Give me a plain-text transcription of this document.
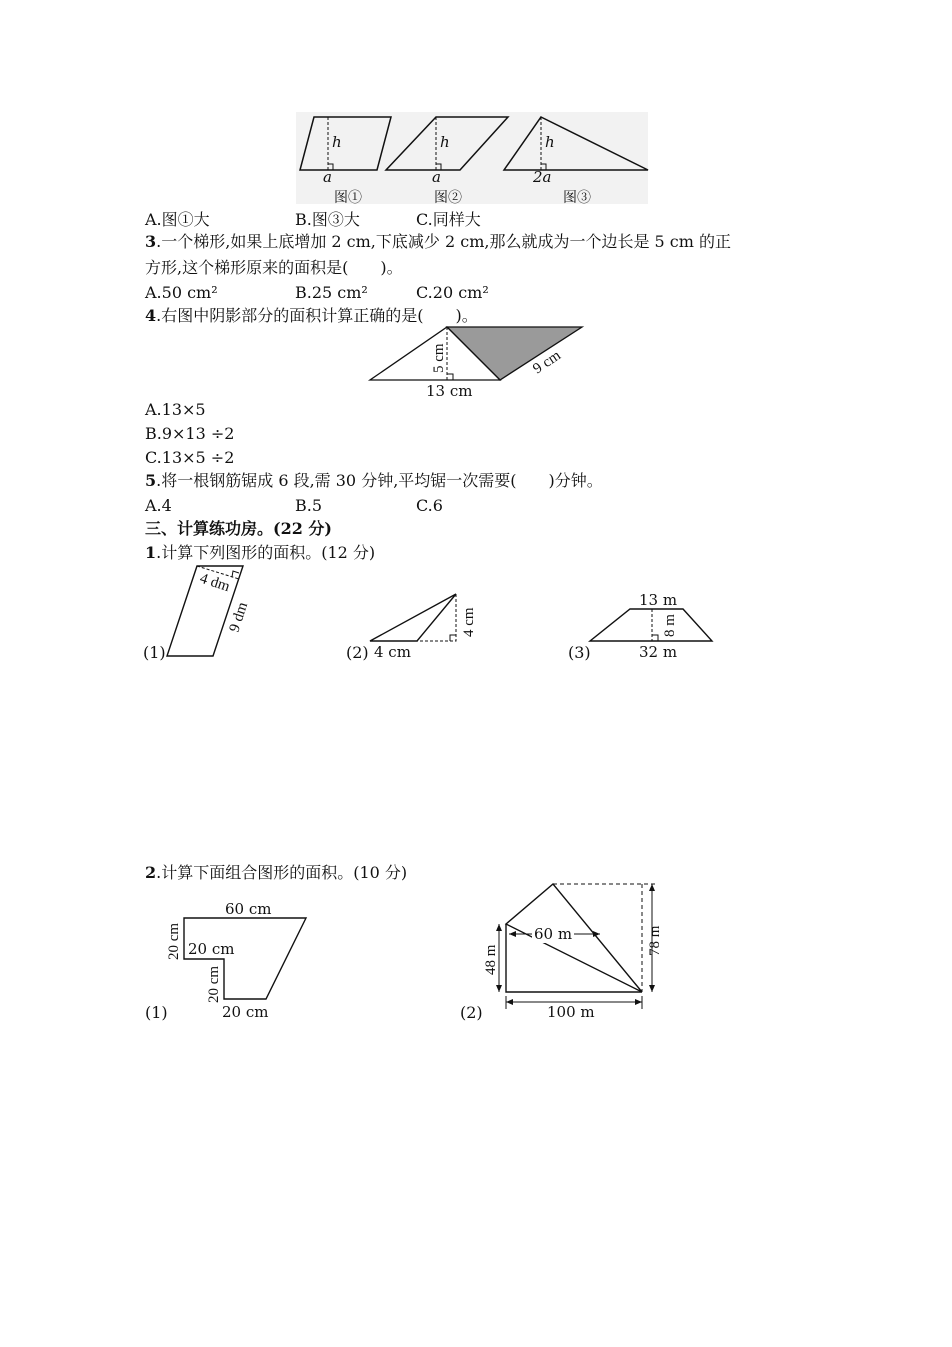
h
a
h
a
h
2a
图①	图②	图③
A.图①大	B.图③大	C.同样大
3.一个梯形,如果上底增加 2 cm,下底减少 2 cm,那么就成为一个边长是 5 cm 的正
方形,这个梯形原来的面积是(　　)。
A.50 cm²	B.25 cm²	C.20 cm²
4.右图中阴影部分的面积计算正确的是(　　)。
5 cm	9 cm
13 cm
A.13×5
B.9×13 ÷2
C.13×5 ÷2
5.将一根钢筋锯成 6 段,需 30 分钟,平均锯一次需要(　　)分钟。
A.4	B.5	C.6
三、计算练功房。(22 分)
1.计算下列图形的面积。(12 分)
4 dm
9 dm	4 cm	8 m
(1)	(2) 4 cm	(3)
13 m
32 m
2.计算下面组合图形的面积。(10 分)
20 cm
20 cm
48 m
78 m
60 cm
20 cm
20 cm
(1)
60 m
100 m
(2)
